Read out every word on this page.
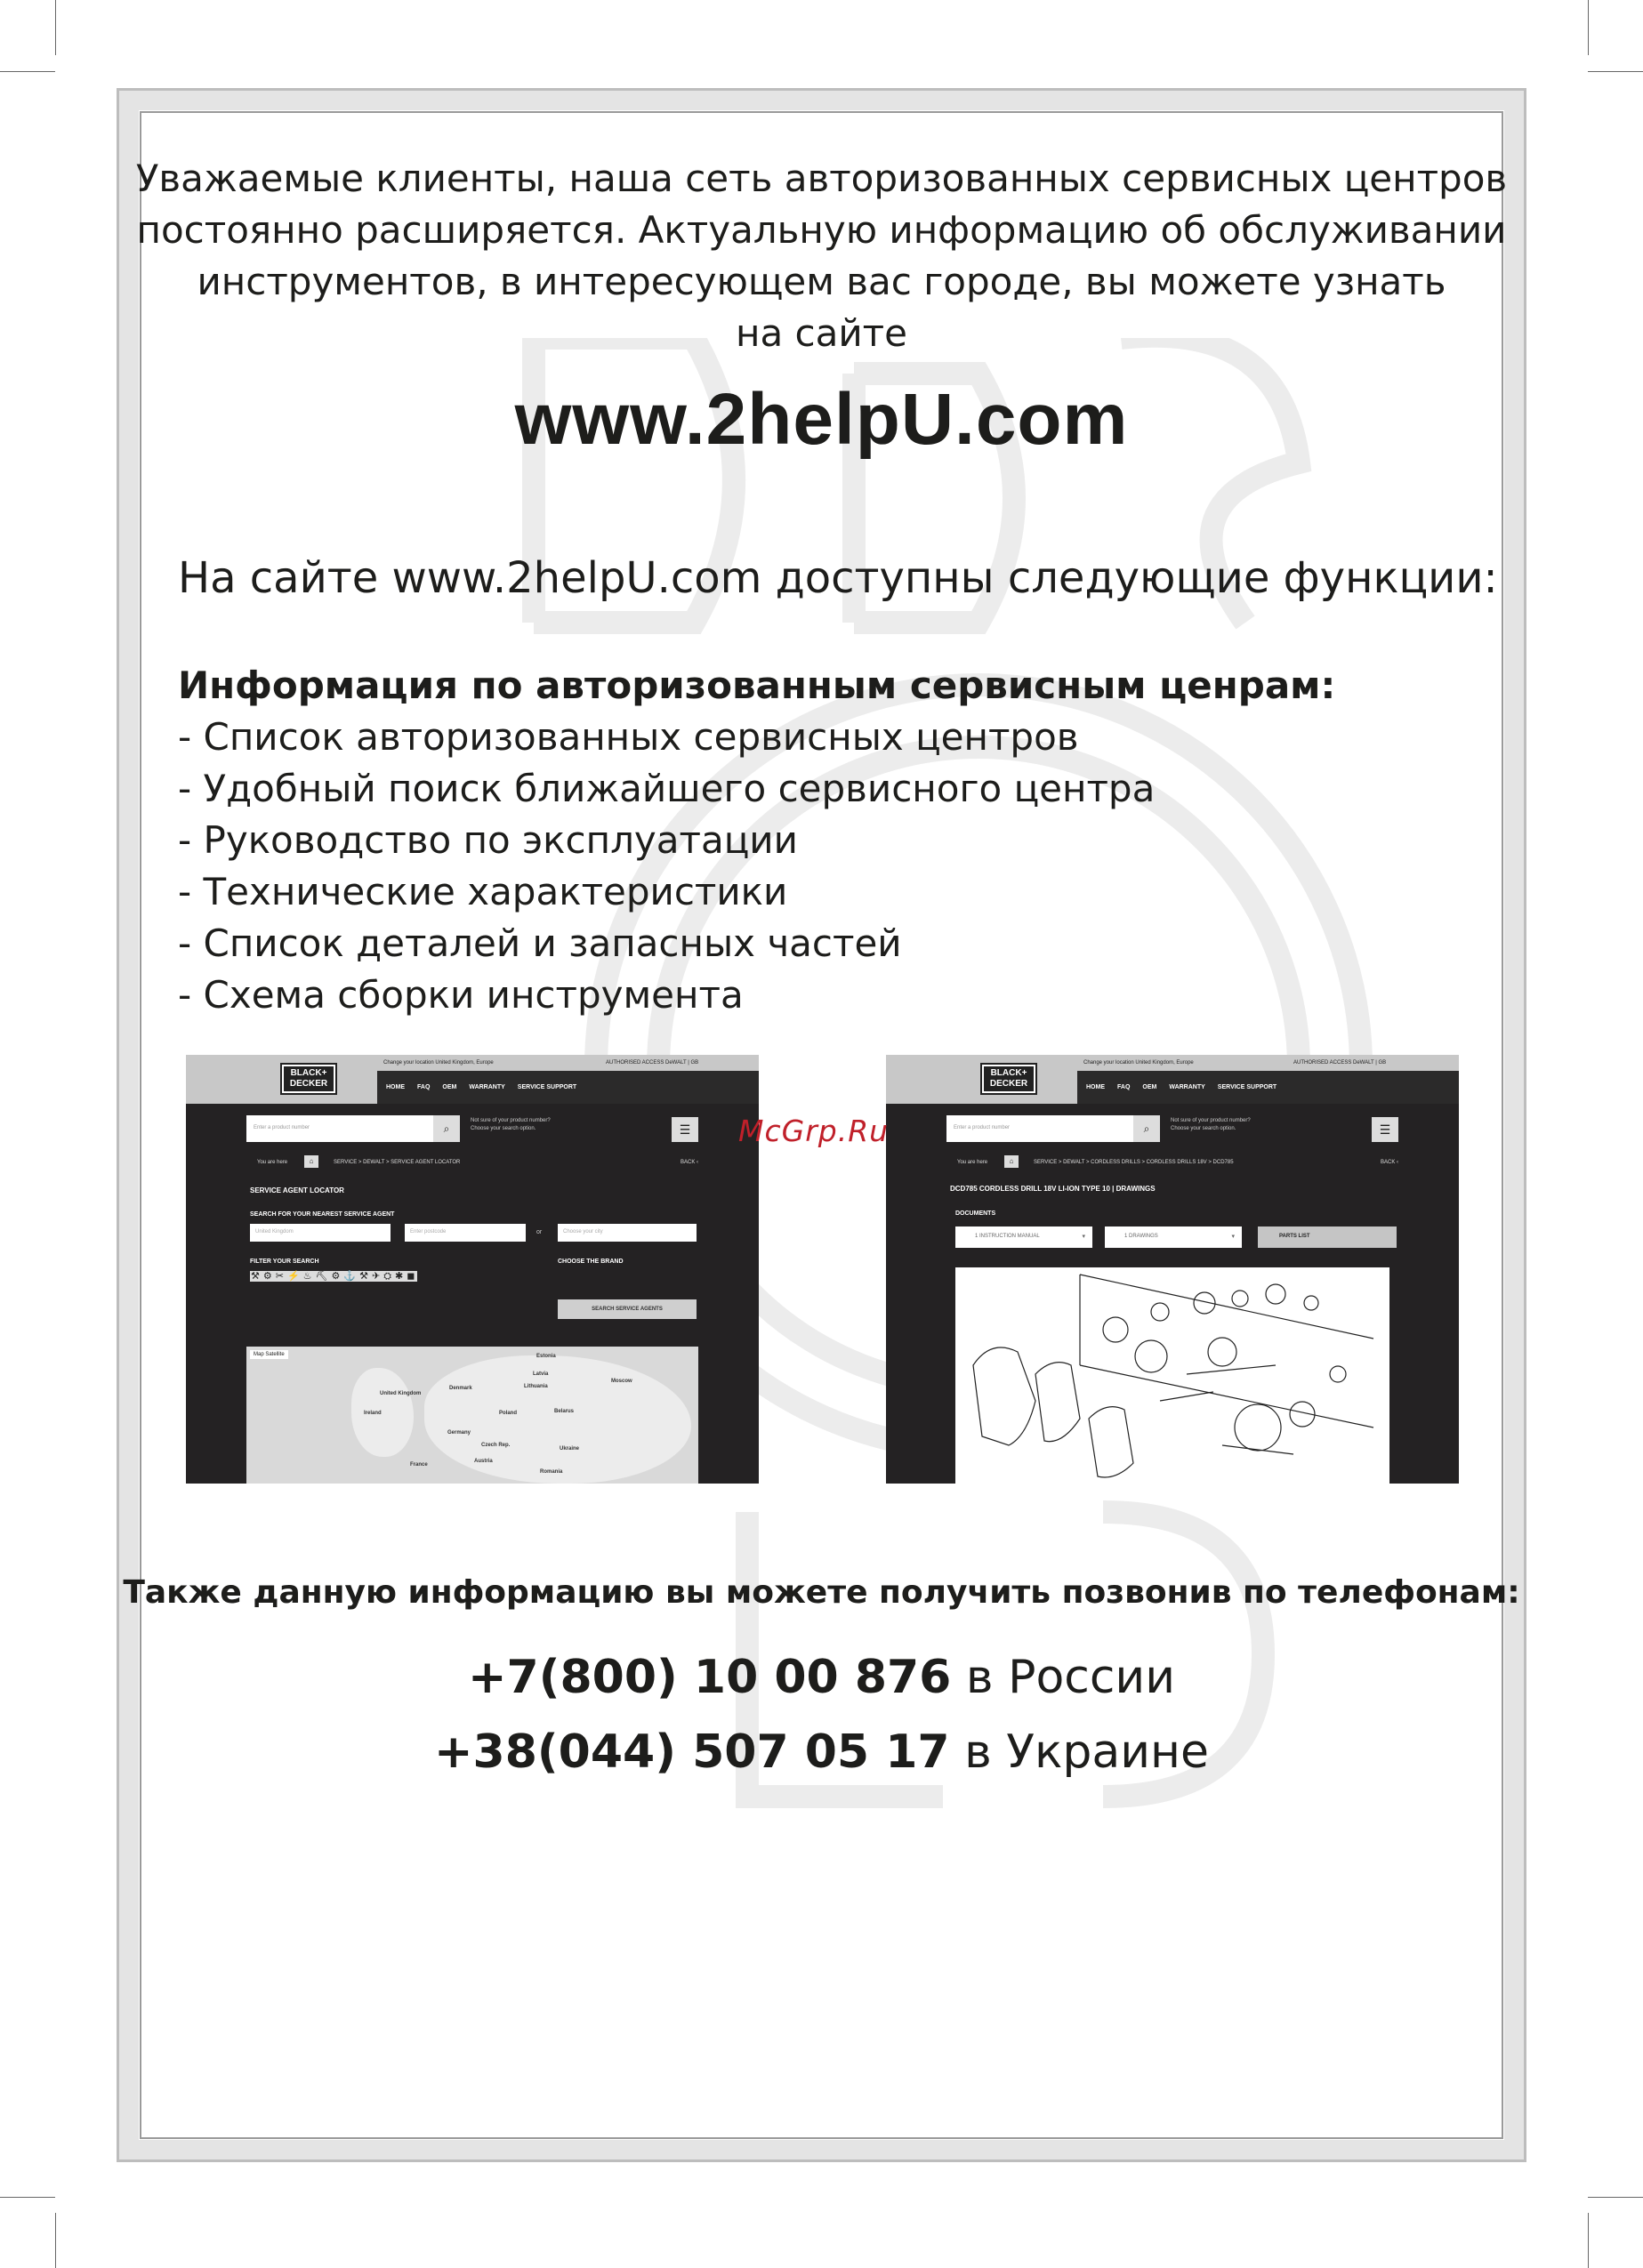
Уважаемые клиенты, наша сеть авторизованных сервисных центров
постоянно расширяется. Актуальную информацию об обслуживании
инструментов, в интересующем вас городе, вы можете узнать
на сайте
www.2helpU.com
На сайте www.2helpU.com доступны следующие функции:
Информация по авторизованным сервисным ценрам:
- Список авторизованных сервисных центров
- Удобный поиск ближайшего сервисного центра
- Руководство по эксплуатации
- Технические характеристики
- Список деталей и запасных частей
- Схема сборки инструмента
BLACK+
DECKER
Change your location United Kingdom, Europe	AUTHORISED ACCESS DeWALT | GB
HOME FAQ OEM WARRANTY SERVICE SUPPORT
Enter a product number	⌕
Not sure of your product number?
Choose your search option.	☰
You are here	⌂	SERVICE > DEWALT > SERVICE AGENT LOCATOR	BACK ‹
SERVICE AGENT LOCATOR
SEARCH FOR YOUR NEAREST SERVICE AGENT
United Kingdom	Enter postcode	or	Choose your city
FILTER YOUR SEARCH	CHOOSE THE BRAND
⚒ ⚙ ✂ ⚡ ♨ ⛏ ⚙ ⚓ ⚒ ✈ ⛭ ✱ ◼
SEARCH SERVICE AGENTS
Map Satellite	Estonia
Latvia
Lithuania
Denmark
United Kingdom
Ireland	Poland	Belarus
Germany
Czech Rep.
Ukraine
France
Austria
Romania
Moscow
BLACK+
DECKER
Change your location United Kingdom, Europe	AUTHORISED ACCESS DeWALT | GB
HOME FAQ OEM WARRANTY SERVICE SUPPORT
Enter a product number	⌕
Not sure of your product number?
Choose your search option.	☰
You are here	⌂	SERVICE > DEWALT > CORDLESS DRILLS > CORDLESS DRILLS 18V > DCD785	BACK ‹
DCD785 CORDLESS DRILL 18V LI-ION TYPE 10 | DRAWINGS
DOCUMENTS
1 INSTRUCTION MANUAL	▾	1 DRAWINGS	▾	PARTS LIST
McGrp.Ru
Также данную информацию вы можете получить позвонив по телефонам:
+7(800) 10 00 876 в России
+38(044) 507 05 17 в Украине
